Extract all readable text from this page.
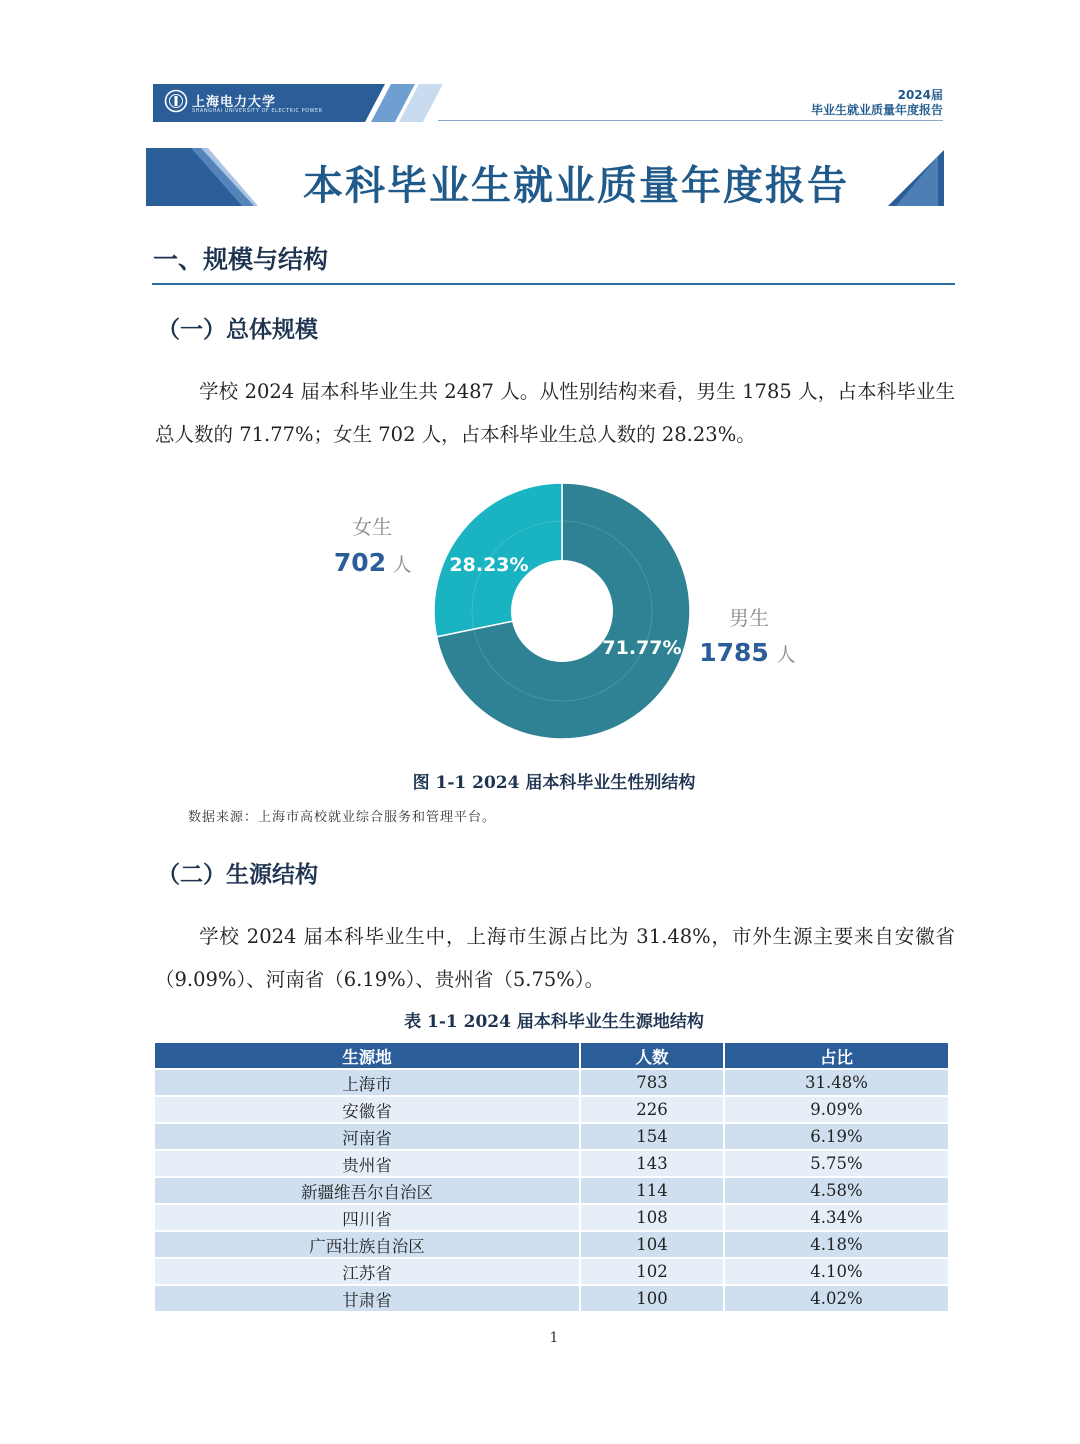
上海电力大学
SHANGHAI UNIVERSITY OF ELECTRIC POWER
2024届
毕业生就业质量年度报告
本科毕业生就业质量年度报告
一、规模与结构
（一）总体规模
学校 2024 届本科毕业生共 2487 人。从性别结构来看，男生 1785 人，占本科毕业生总人数的 71.77%；女生 702 人，占本科毕业生总人数的 28.23%。
女生
702 人 28.23%
71.77%
男生
1785 人
图 1-1 2024 届本科毕业生性别结构
数据来源：上海市高校就业综合服务和管理平台。
（二）生源结构
学校 2024 届本科毕业生中，上海市生源占比为 31.48%，市外生源主要来自安徽省（9.09%）、河南省（6.19%）、贵州省（5.75%）。
表 1-1 2024 届本科毕业生生源地结构
生源地	人数	占比
上海市	783	31.48%
安徽省	226	9.09%
河南省	154	6.19%
贵州省	143	5.75%
新疆维吾尔自治区	114	4.58%
四川省	108	4.34%
广西壮族自治区	104	4.18%
江苏省	102	4.10%
甘肃省	100	4.02%
1
